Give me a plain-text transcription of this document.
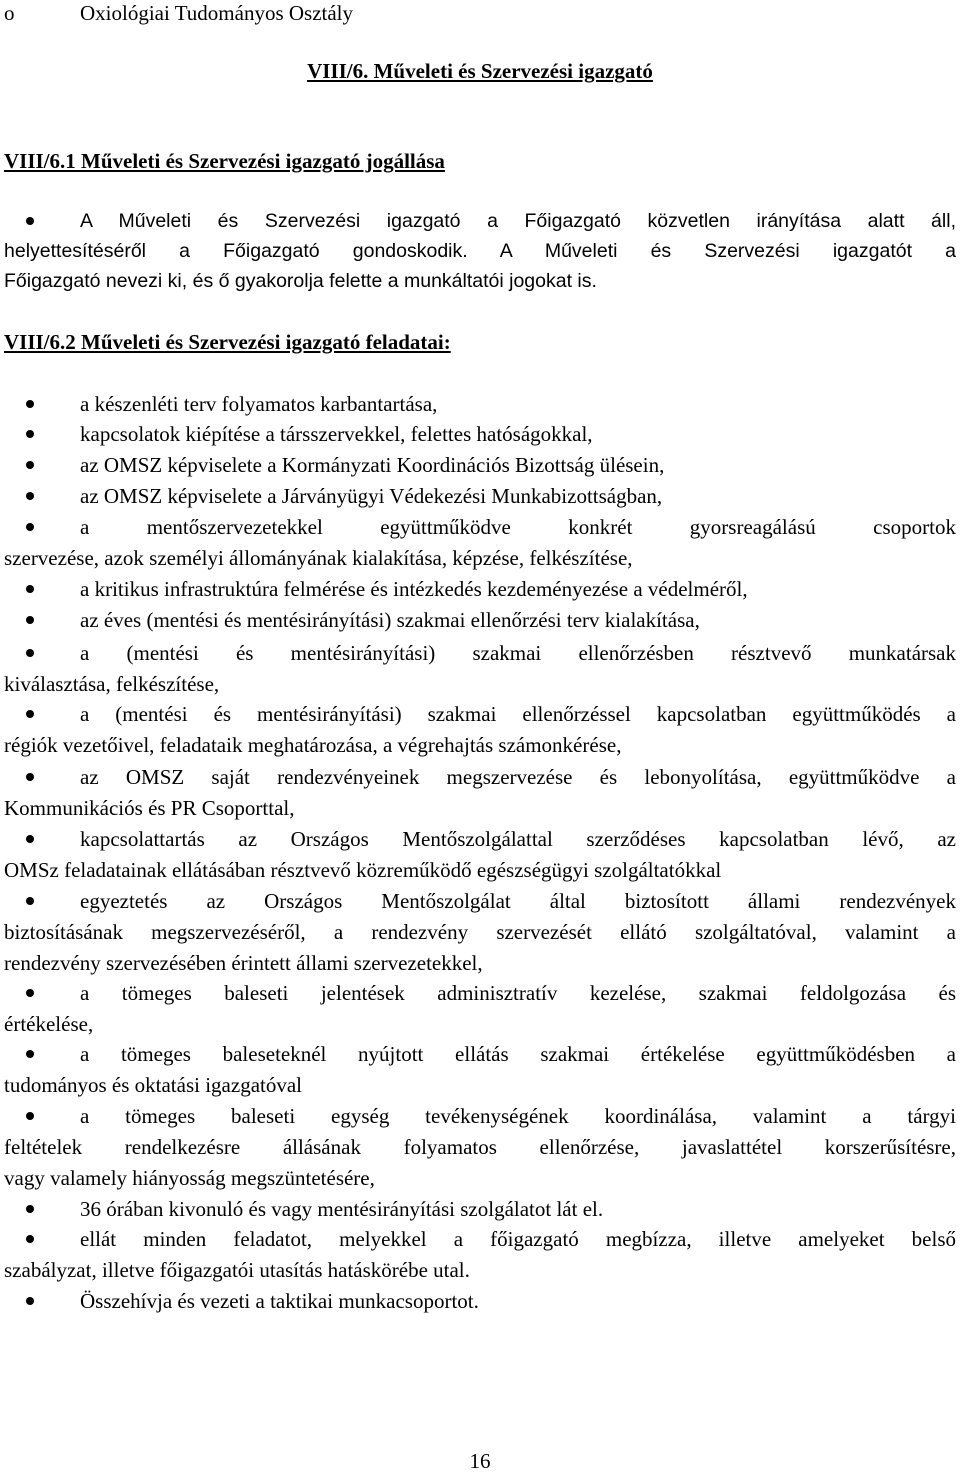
o	Oxiológiai Tudományos Osztály
VIII/6. Műveleti és Szervezési igazgató
VIII/6.1 Műveleti és Szervezési igazgató jogállása
A Műveleti és Szervezési igazgató a Főigazgató közvetlen irányítása alatt áll,
helyettesítéséről a Főigazgató gondoskodik. A Műveleti és Szervezési igazgatót a
Főigazgató nevezi ki, és ő gyakorolja felette a munkáltatói jogokat is.
VIII/6.2 Műveleti és Szervezési igazgató feladatai:
a készenléti terv folyamatos karbantartása,
kapcsolatok kiépítése a társszervekkel, felettes hatóságokkal,
az OMSZ képviselete a Kormányzati Koordinációs Bizottság ülésein,
az OMSZ képviselete a Járványügyi Védekezési Munkabizottságban,
a mentőszervezetekkel együttműködve konkrét gyorsreagálású csoportok
szervezése, azok személyi állományának kialakítása, képzése, felkészítése,
a kritikus infrastruktúra felmérése és intézkedés kezdeményezése a védelméről,
az éves (mentési és mentésirányítási) szakmai ellenőrzési terv kialakítása,
a (mentési és mentésirányítási) szakmai ellenőrzésben résztvevő munkatársak
kiválasztása, felkészítése,
a (mentési és mentésirányítási) szakmai ellenőrzéssel kapcsolatban együttműködés a
régiók vezetőivel, feladataik meghatározása, a végrehajtás számonkérése,
az OMSZ saját rendezvényeinek megszervezése és lebonyolítása, együttműködve a
Kommunikációs és PR Csoporttal,
kapcsolattartás az Országos Mentőszolgálattal szerződéses kapcsolatban lévő, az
OMSz feladatainak ellátásában résztvevő közreműködő egészségügyi szolgáltatókkal
egyeztetés az Országos Mentőszolgálat által biztosított állami rendezvények
biztosításának megszervezéséről, a rendezvény szervezését ellátó szolgáltatóval, valamint a
rendezvény szervezésében érintett állami szervezetekkel,
a tömeges baleseti jelentések adminisztratív kezelése, szakmai feldolgozása és
értékelése,
a tömeges baleseteknél nyújtott ellátás szakmai értékelése együttműködésben a
tudományos és oktatási igazgatóval
a tömeges baleseti egység tevékenységének koordinálása, valamint a tárgyi
feltételek rendelkezésre állásának folyamatos ellenőrzése, javaslattétel korszerűsítésre,
vagy valamely hiányosság megszüntetésére,
36 órában kivonuló és vagy mentésirányítási szolgálatot lát el.
ellát minden feladatot, melyekkel a főigazgató megbízza, illetve amelyeket belső
szabályzat, illetve főigazgatói utasítás hatáskörébe utal.
Összehívja és vezeti a taktikai munkacsoportot.
16
